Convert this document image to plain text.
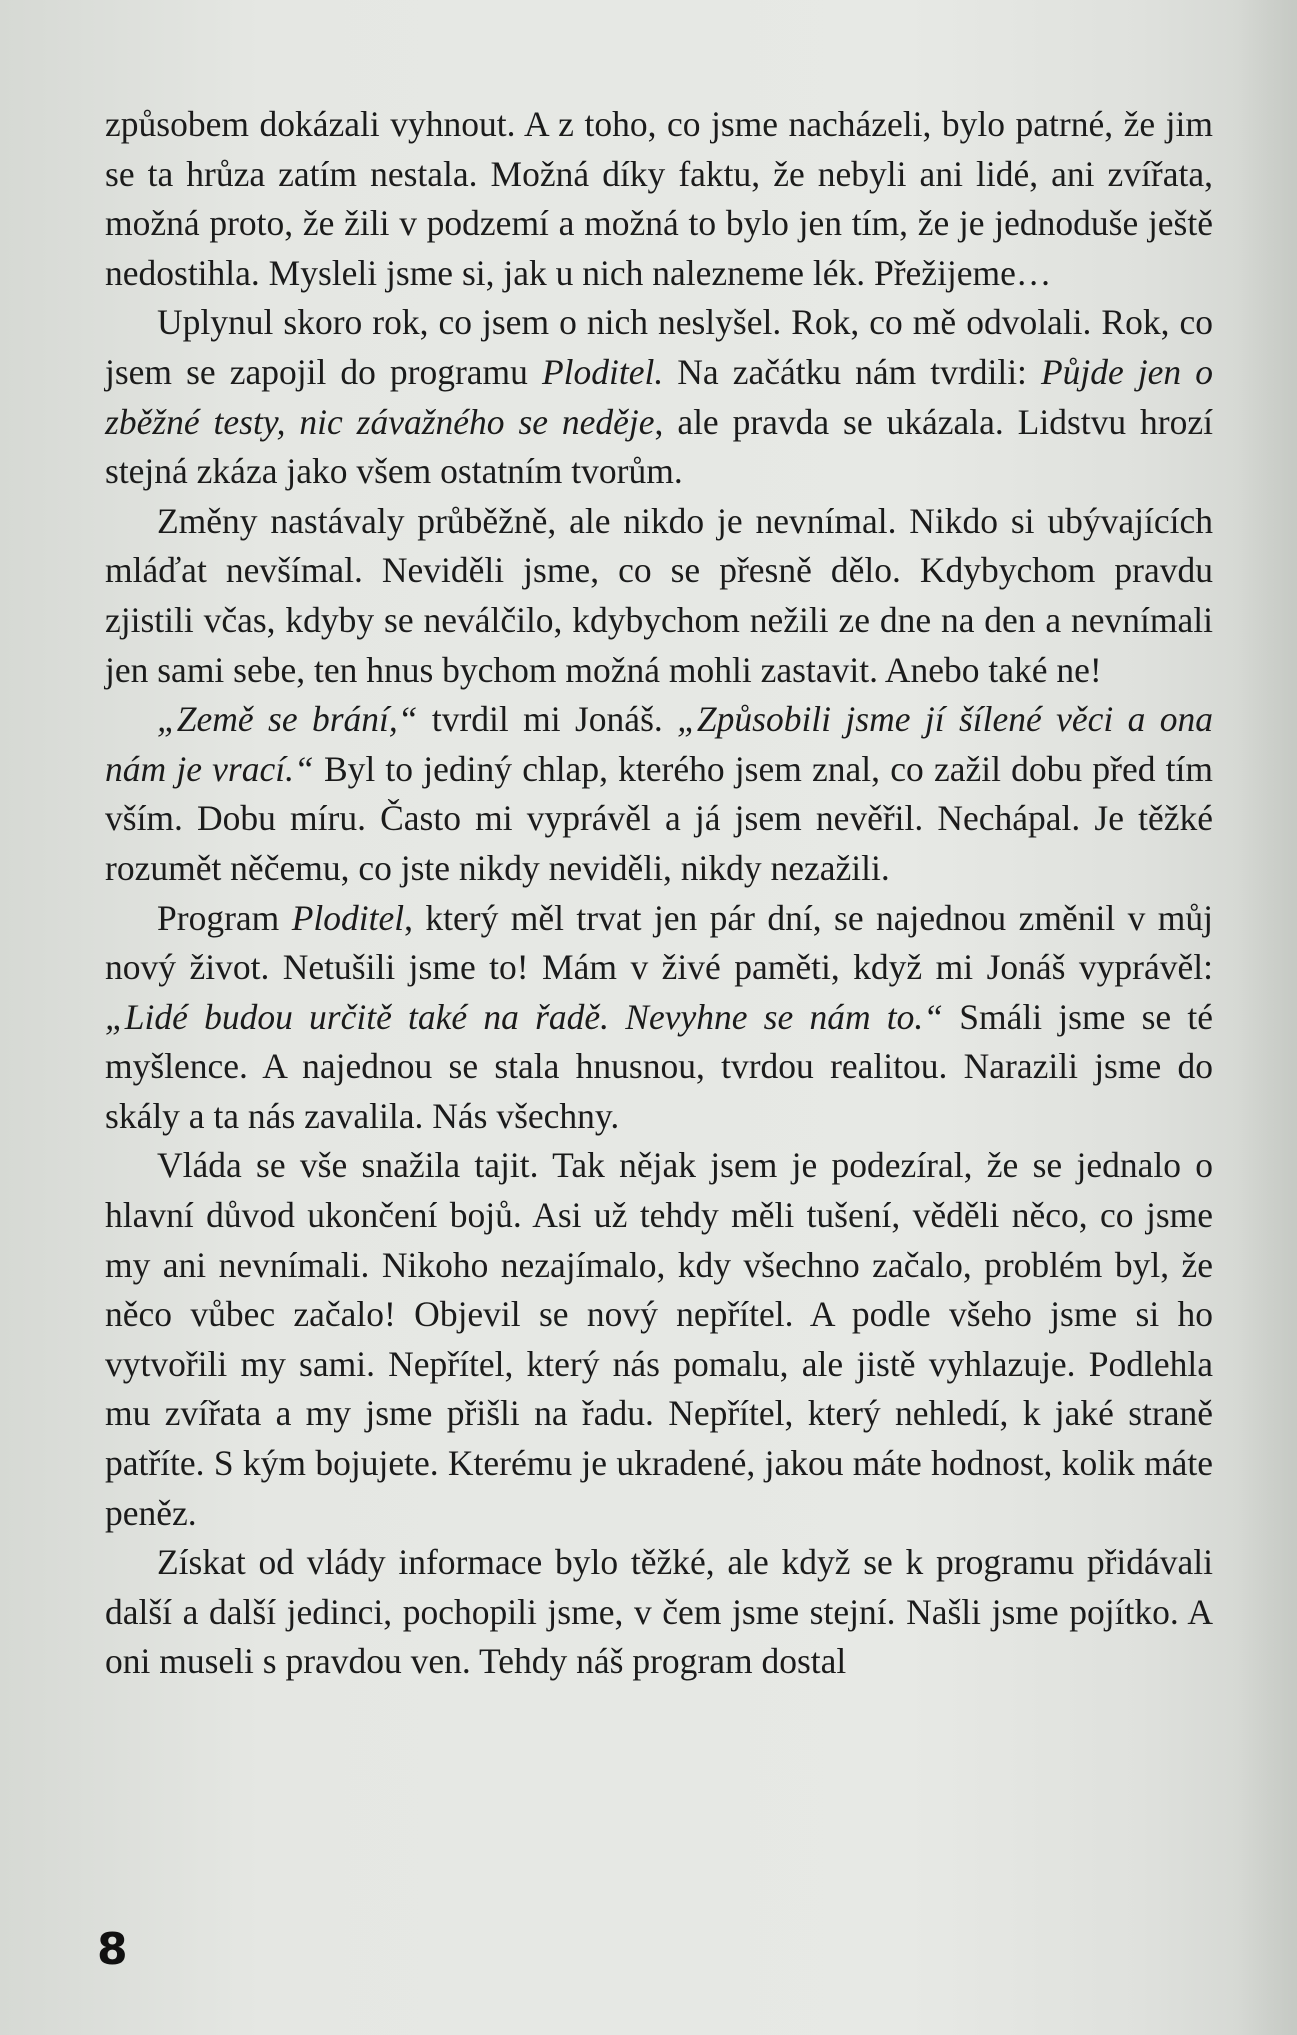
způsobem dokázali vyhnout. A z toho, co jsme nacházeli, bylo patrné, že jim se ta hrůza zatím nestala. Možná díky faktu, že nebyli ani lidé, ani zvířata, možná proto, že žili v podzemí a možná to bylo jen tím, že je jednoduše ještě nedostihla. Mysleli jsme si, jak u nich nalezneme lék. Přežijeme…

Uplynul skoro rok, co jsem o nich neslyšel. Rok, co mě odvolali. Rok, co jsem se zapojil do programu Ploditel. Na začátku nám tvrdili: Půjde jen o zběžné testy, nic závažného se neděje, ale pravda se ukázala. Lidstvu hrozí stejná zkáza jako všem ostatním tvorům.

Změny nastávaly průběžně, ale nikdo je nevnímal. Nikdo si ubývajících mláďat nevšímal. Neviděli jsme, co se přesně dělo. Kdybychom pravdu zjistili včas, kdyby se neválčilo, kdybychom nežili ze dne na den a nevnímali jen sami sebe, ten hnus bychom možná mohli zastavit. Anebo také ne!

„Země se brání,“ tvrdil mi Jonáš. „Způsobili jsme jí šílené věci a ona nám je vrací.“ Byl to jediný chlap, kterého jsem znal, co zažil dobu před tím vším. Dobu míru. Často mi vyprávěl a já jsem nevěřil. Nechápal. Je těžké rozumět něčemu, co jste nikdy neviděli, nikdy nezažili.

Program Ploditel, který měl trvat jen pár dní, se najednou změnil v můj nový život. Netušili jsme to! Mám v živé paměti, když mi Jonáš vyprávěl: „Lidé budou určitě také na řadě. Nevyhne se nám to.“ Smáli jsme se té myšlence. A najednou se stala hnusnou, tvrdou realitou. Narazili jsme do skály a ta nás zavalila. Nás všechny.

Vláda se vše snažila tajit. Tak nějak jsem je podezíral, že se jednalo o hlavní důvod ukončení bojů. Asi už tehdy měli tušení, věděli něco, co jsme my ani nevnímali. Nikoho nezajímalo, kdy všechno začalo, problém byl, že něco vůbec začalo! Objevil se nový nepřítel. A podle všeho jsme si ho vytvořili my sami. Nepřítel, který nás pomalu, ale jistě vyhlazuje. Podlehla mu zvířata a my jsme přišli na řadu. Nepřítel, který nehledí, k jaké straně patříte. S kým bojujete. Kterému je ukradené, jakou máte hodnost, kolik máte peněz.

Získat od vlády informace bylo těžké, ale když se k programu přidávali další a další jedinci, pochopili jsme, v čem jsme stejní. Našli jsme pojítko. A oni museli s pravdou ven. Tehdy náš program dostal

8
